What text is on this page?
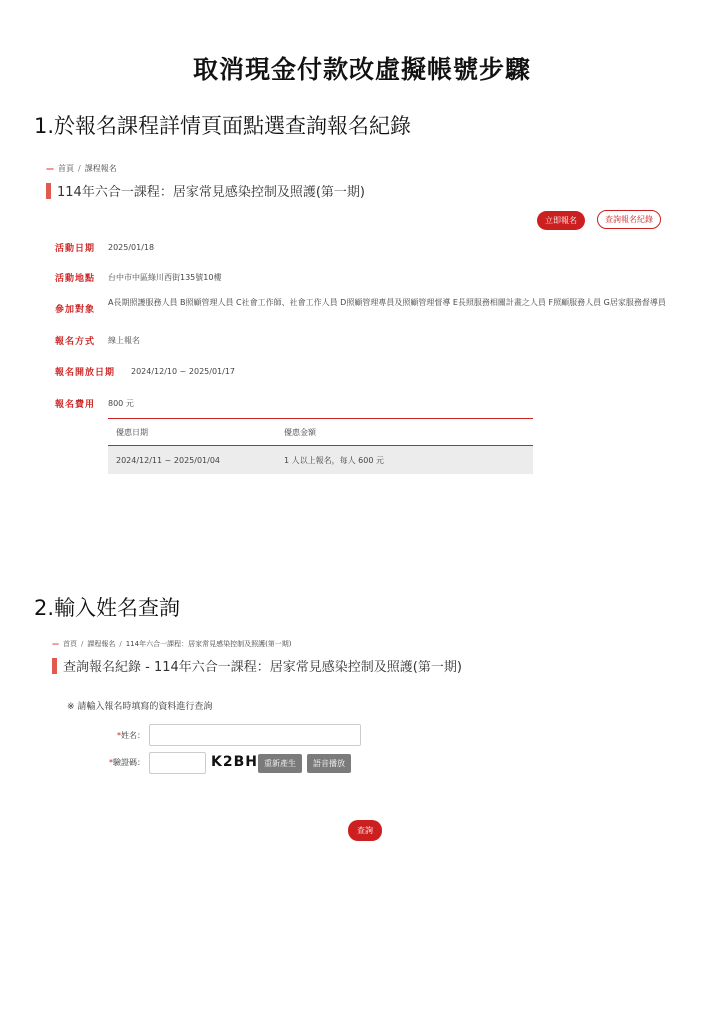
取消現金付款改虛擬帳號步驟
1.於報名課程詳情頁面點選查詢報名紀錄
— 首頁 / 課程報名
114年六合一課程：居家常見感染控制及照護(第一期)
立即報名	查詢報名紀錄
活動日期 2025/01/18
活動地點 台中市中區綠川西街135號10樓
參加對象
A長期照護服務人員 B照顧管理人員 C社會工作師、社會工作人員 D照顧管理專員及照顧管理督導 E長照服務相關計畫之人員 F照顧服務人員 G居家服務督導員
報名方式 線上報名
報名開放日期 2024/12/10 ~ 2025/01/17
報名費用 800 元
優惠日期	優惠金額
2024/12/11 ~ 2025/01/04	1 人以上報名，每人 600 元
2.輸入姓名查詢
— 首頁 / 課程報名 / 114年六合一課程：居家常見感染控制及照護(第一期)
查詢報名紀錄 - 114年六合一課程：居家常見感染控制及照護(第一期)
※ 請輸入報名時填寫的資料進行查詢
*姓名：
*驗證碼：	K2BH 重新產生	語音播放
查詢
